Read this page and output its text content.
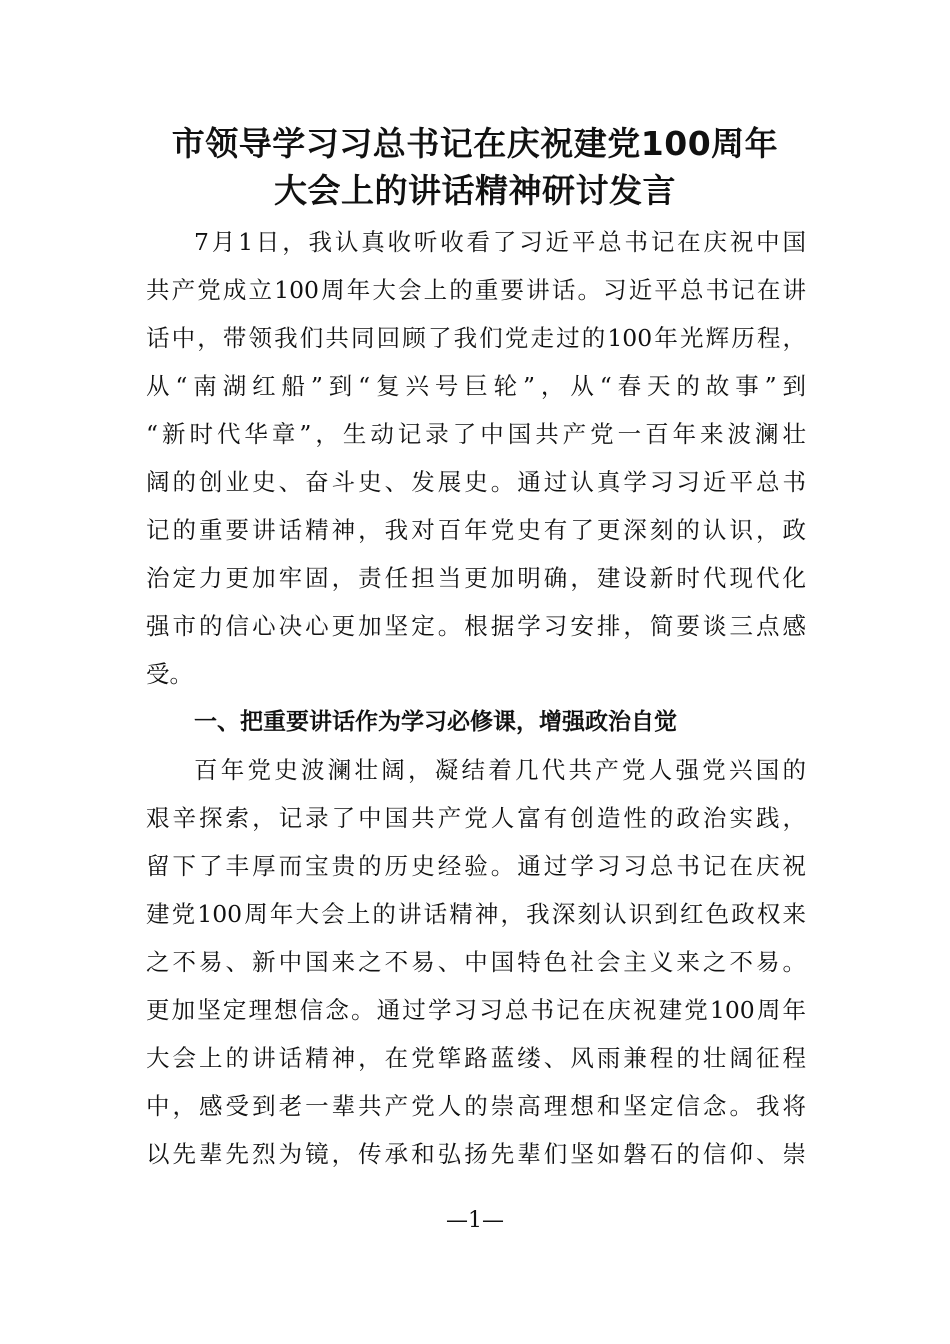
市领导学习习总书记在庆祝建党100周年
大会上的讲话精神研讨发言

7月1日，我认真收听收看了习近平总书记在庆祝中国

共产党成立100周年大会上的重要讲话。习近平总书记在讲

话中，带领我们共同回顾了我们党走过的100年光辉历程，

从“南湖红船”到“复兴号巨轮”，从“春天的故事”到

“新时代华章”，生动记录了中国共产党一百年来波澜壮

阔的创业史、奋斗史、发展史。通过认真学习习近平总书

记的重要讲话精神，我对百年党史有了更深刻的认识，政

治定力更加牢固，责任担当更加明确，建设新时代现代化

强市的信心决心更加坚定。根据学习安排，简要谈三点感

受。

一、把重要讲话作为学习必修课，增强政治自觉

百年党史波澜壮阔，凝结着几代共产党人强党兴国的

艰辛探索，记录了中国共产党人富有创造性的政治实践，

留下了丰厚而宝贵的历史经验。通过学习习总书记在庆祝

建党100周年大会上的讲话精神，我深刻认识到红色政权来

之不易、新中国来之不易、中国特色社会主义来之不易。

更加坚定理想信念。通过学习习总书记在庆祝建党100周年

大会上的讲话精神，在党筚路蓝缕、风雨兼程的壮阔征程

中，感受到老一辈共产党人的崇高理想和坚定信念。我将

以先辈先烈为镜，传承和弘扬先辈们坚如磐石的信仰、崇

—1—
